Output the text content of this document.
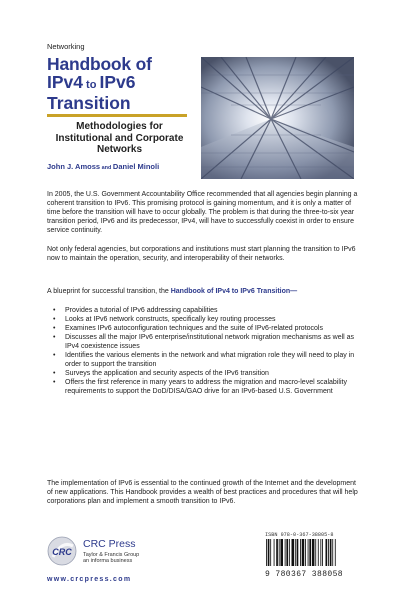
Networking
Handbook of
IPv4 to IPv6
Transition
Methodologies for Institutional and Corporate Networks
John J. Amoss and Daniel Minoli
In 2005, the U.S. Government Accountability Office recommended that all agencies begin planning a coherent transition to IPv6. This promising protocol is gaining momentum, and it is only a matter of time before the transition will have to occur globally. The problem is that during the three-to-six year transition period, IPv6 and its predecessor, IPv4, will have to successfully coexist in order to ensure service continuity.
Not only federal agencies, but corporations and institutions must start planning the transition to IPv6 now to maintain the operation, security, and interoperability of their networks.
A blueprint for successful transition, the Handbook of IPv4 to IPv6 Transition—
• Provides a tutorial of IPv6 addressing capabilities
• Looks at IPv6 network constructs, specifically key routing processes
• Examines IPv6 autoconfiguration techniques and the suite of IPv6-related protocols
• Discusses all the major IPv6 enterprise/institutional network migration mechanisms as well as IPv4 coexistence issues
• Identifies the various elements in the network and what migration role they will need to play in order to support the transition
• Surveys the application and security aspects of the IPv6 transition
• Offers the first reference in many years to address the migration and macro-level scalability requirements to support the DoD/DISA/GAO drive for an IPv6-based U.S. Government
The implementation of IPv6 is essential to the continued growth of the Internet and the development of new applications. This Handbook provides a wealth of best practices and procedures that will help corporations plan and implement a smooth transition to IPv6.
CRC
CRC Press
Taylor & Francis Group
an informa business
www.crcpress.com
ISBN 978-0-367-38805-8
9 780367 388058
